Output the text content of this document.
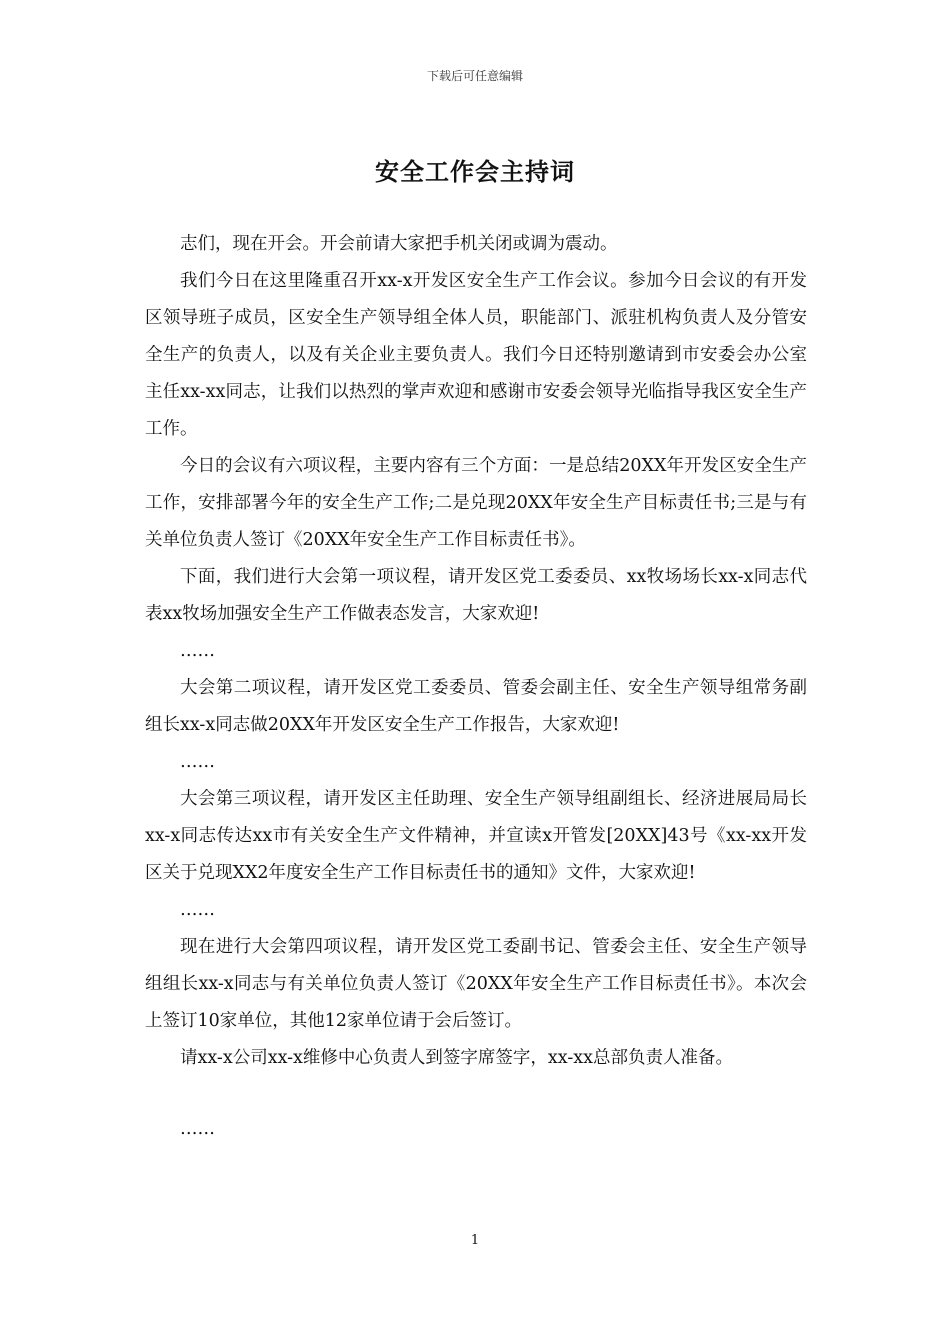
下载后可任意编辑
安全工作会主持词

志们，现在开会。开会前请大家把手机关闭或调为震动。

我们今日在这里隆重召开xx-x开发区安全生产工作会议。参加今日会议的有开发区领导班子成员，区安全生产领导组全体人员，职能部门、派驻机构负责人及分管安全生产的负责人，以及有关企业主要负责人。我们今日还特别邀请到市安委会办公室主任xx-xx同志，让我们以热烈的掌声欢迎和感谢市安委会领导光临指导我区安全生产工作。

今日的会议有六项议程，主要内容有三个方面：一是总结20XX年开发区安全生产工作，安排部署今年的安全生产工作;二是兑现20XX年安全生产目标责任书;三是与有关单位负责人签订《20XX年安全生产工作目标责任书》。

下面，我们进行大会第一项议程，请开发区党工委委员、xx牧场场长xx-x同志代表xx牧场加强安全生产工作做表态发言，大家欢迎!

……

大会第二项议程，请开发区党工委委员、管委会副主任、安全生产领导组常务副组长xx-x同志做20XX年开发区安全生产工作报告，大家欢迎!

……

大会第三项议程，请开发区主任助理、安全生产领导组副组长、经济进展局局长xx-x同志传达xx市有关安全生产文件精神，并宣读x开管发[20XX]43号《xx-xx开发区关于兑现XX2年度安全生产工作目标责任书的通知》文件，大家欢迎!

……

现在进行大会第四项议程，请开发区党工委副书记、管委会主任、安全生产领导组组长xx-x同志与有关单位负责人签订《20XX年安全生产工作目标责任书》。本次会上签订10家单位，其他12家单位请于会后签订。

请xx-x公司xx-x维修中心负责人到签字席签字，xx-xx总部负责人准备。

……

1
